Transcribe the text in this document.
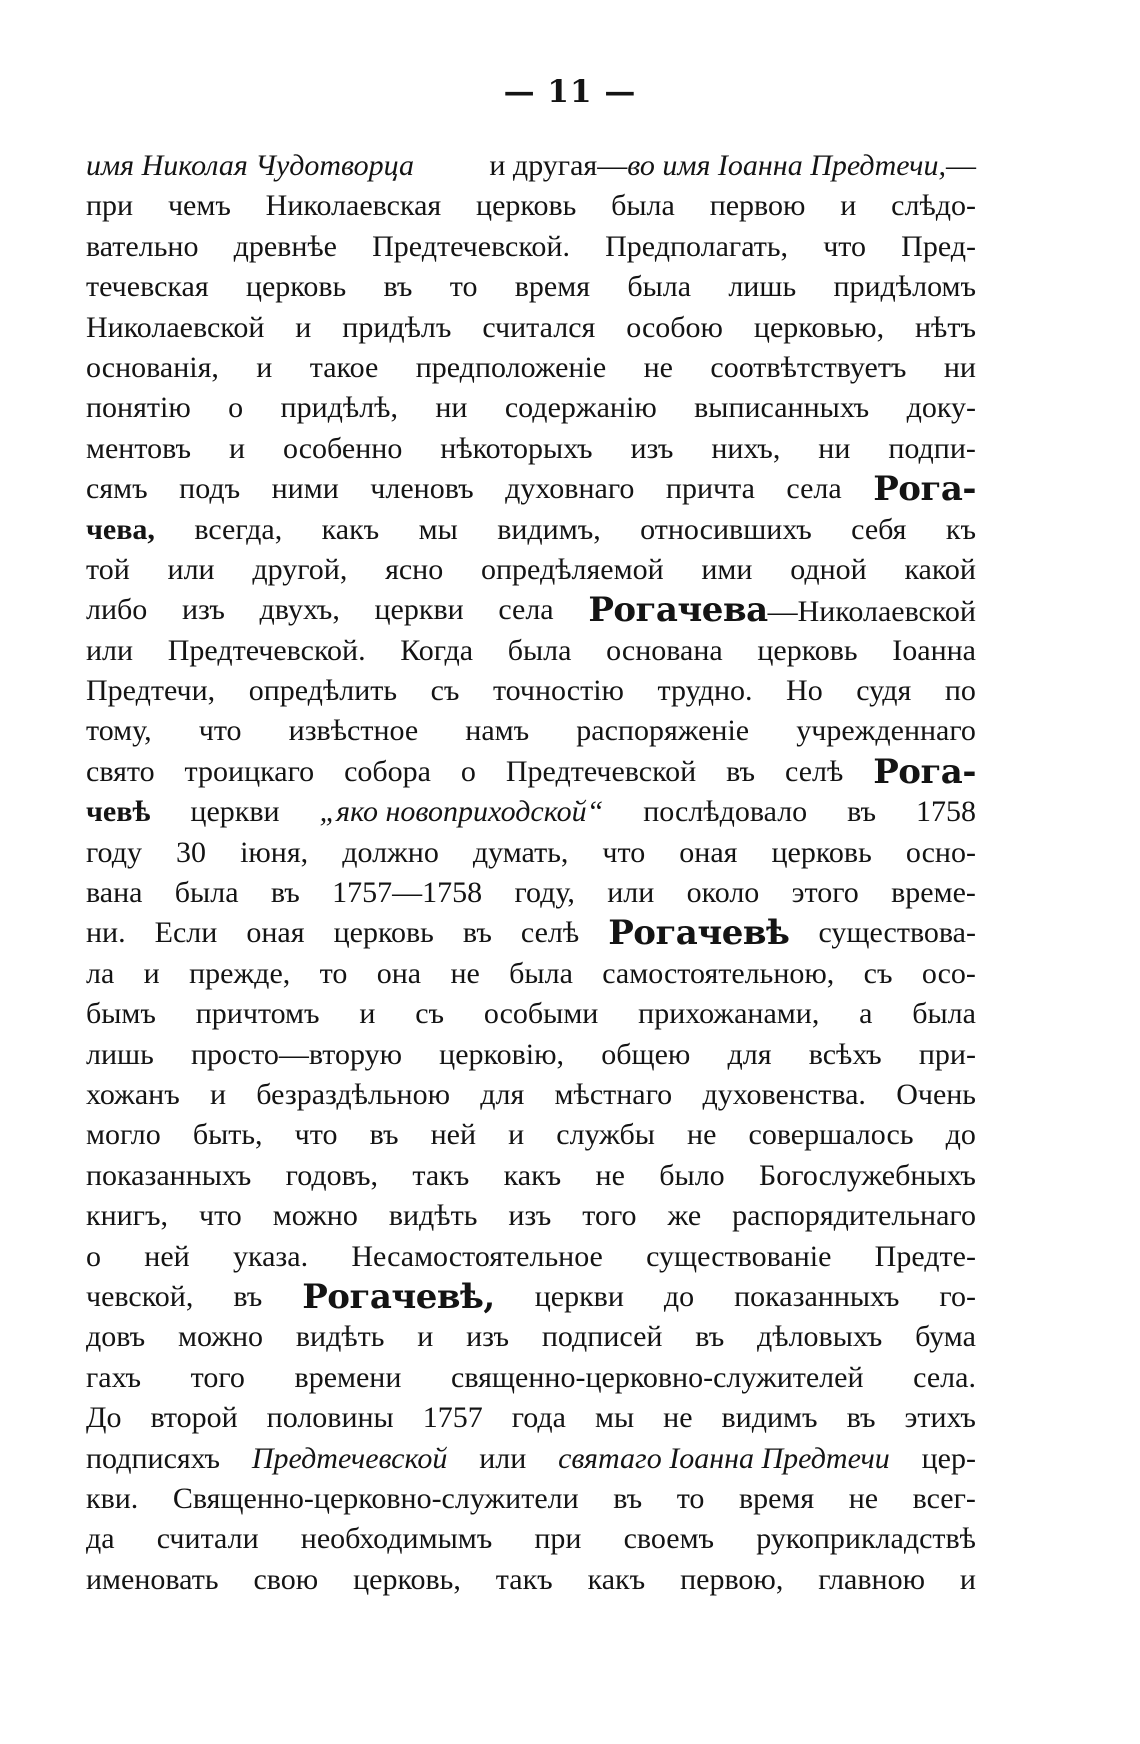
— 11 —
имя Николая Чудотворца	и другая—во имя Іоанна Предтечи,—
при чемъ Николаевская церковь была первою и слѣдо-
вательно древнѣе Предтечевской. Предполагать, что Пред-
течевская церковь въ то время была лишь придѣломъ
Николаевской и придѣлъ считался особою церковью, нѣтъ
основанія, и такое предположеніе не соотвѣтствуетъ ни
понятію о придѣлѣ, ни содержанію выписанныхъ доку-
ментовъ и особенно нѣкоторыхъ изъ нихъ, ни подпи-
сямъ подъ ними членовъ духовнаго причта села Рога-
чева, всегда, какъ мы видимъ, относившихъ себя къ
той или другой, ясно опредѣляемой ими одной какой
либо изъ двухъ, церкви села Рогачева—Николаевской
или Предтечевской. Когда была основана церковь Іоанна
Предтечи, опредѣлить съ точностію трудно. Но судя по
тому, что извѣстное намъ распоряженіе учрежденнаго
свято троицкаго собора о Предтечевской въ селѣ Рога-
чевѣ церкви „яко новоприходской“ послѣдовало въ 1758
году 30 іюня, должно думать, что оная церковь осно-
вана была въ 1757—1758 году, или около этого време-
ни. Если оная церковь въ селѣ Рогачевѣ существова-
ла и прежде, то она не была самостоятельною, съ осо-
бымъ причтомъ и съ особыми прихожанами, а была
лишь просто—вторую церковію, общею для всѣхъ при-
хожанъ и безраздѣльною для мѣстнаго духовенства. Очень
могло быть, что въ ней и службы не совершалось до
показанныхъ годовъ, такъ какъ не было Богослужебныхъ
книгъ, что можно видѣть изъ того же распорядительнаго
о ней указа. Несамостоятельное существованіе Предте-
чевской, въ Рогачевѣ, церкви до показанныхъ го-
довъ можно видѣть и изъ подписей въ дѣловыхъ бума
гахъ того времени священно-церковно-служителей села.
До второй половины 1757 года мы не видимъ въ этихъ
подписяхъ Предтечевской или святаго Іоанна Предтечи цер-
кви. Священно-церковно-служители въ то время не всег-
да считали необходимымъ при своемъ рукоприкладствѣ
именовать свою церковь, такъ какъ первою, главною и
